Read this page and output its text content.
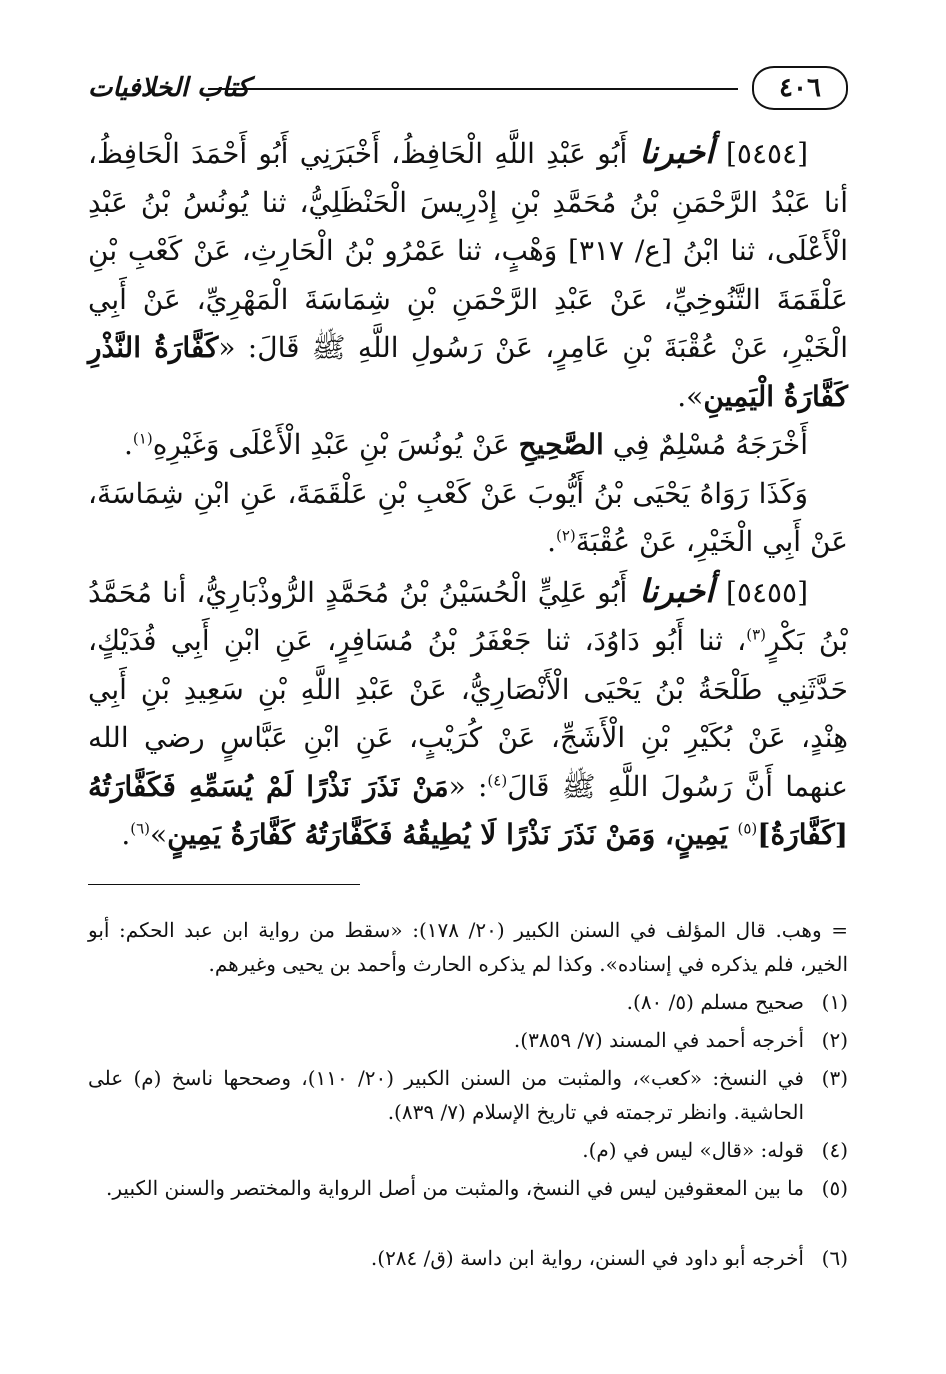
٤٠٦
كتاب الخلافيات

[٥٤٥٤]أخبرناأَبُو عَبْدِ اللَّهِ الْحَافِظُ، أَخْبَرَنِي أَبُو أَحْمَدَ الْحَافِظُ، أنا عَبْدُ الرَّحْمَنِ بْنُ مُحَمَّدِ بْنِ إِدْرِيسَ الْحَنْظَلِيُّ، ثنا يُونُسُ بْنُ عَبْدِ الْأَعْلَى، ثنا ابْنُ [ع/ ٣١٧] وَهْبٍ، ثنا عَمْرُو بْنُ الْحَارِثِ، عَنْ كَعْبِ بْنِ عَلْقَمَةَ التَّنُوخِيِّ، عَنْ عَبْدِ الرَّحْمَنِ بْنِ شِمَاسَةَ الْمَهْرِيِّ، عَنْ أَبِي الْخَيْرِ، عَنْ عُقْبَةَ بْنِ عَامِرٍ، عَنْ رَسُولِ اللَّهِ ﷺ قَالَ: «كَفَّارَةُ النَّذْرِ كَفَّارَةُ الْيَمِينِ».

أَخْرَجَهُ مُسْلِمٌ فِي الصَّحِيحِ عَنْ يُونُسَ بْنِ عَبْدِ الْأَعْلَى وَغَيْرِهِ$^{(١)}$.

وَكَذَا رَوَاهُ يَحْيَى بْنُ أَيُّوبَ عَنْ كَعْبِ بْنِ عَلْقَمَةَ، عَنِ ابْنِ شِمَاسَةَ، عَنْ أَبِي الْخَيْرِ، عَنْ عُقْبَةَ$^{(٢)}$.

[٥٤٥٥]أخبرناأَبُو عَلِيٍّ الْحُسَيْنُ بْنُ مُحَمَّدٍ الرُّوذْبَارِيُّ، أنا مُحَمَّدُ بْنُ بَكْرٍ$^{(٣)}$، ثنا أَبُو دَاوُدَ، ثنا جَعْفَرُ بْنُ مُسَافِرٍ، عَنِ ابْنِ أَبِي فُدَيْكٍ، حَدَّثَنِي طَلْحَةُ بْنُ يَحْيَى الْأَنْصَارِيُّ، عَنْ عَبْدِ اللَّهِ بْنِ سَعِيدِ بْنِ أَبِي هِنْدٍ، عَنْ بُكَيْرِ بْنِ الْأَشَجِّ، عَنْ كُرَيْبٍ، عَنِ ابْنِ عَبَّاسٍ رضي الله عنهما أَنَّ رَسُولَ اللَّهِ ﷺ قَالَ$^{(٤)}$: «مَنْ نَذَرَ نَذْرًا لَمْ يُسَمِّهِ فَكَفَّارَتُهُ [كَفَّارَةُ]$^{(٥)}$ يَمِينٍ، وَمَنْ نَذَرَ نَذْرًا لَا يُطِيقُهُ فَكَفَّارَتُهُ كَفَّارَةُ يَمِينٍ»$^{(٦)}$.

= وهب. قال المؤلف في السنن الكبير (٢٠/ ١٧٨): «سقط من رواية ابن عبد الحكم: أبو الخير، فلم يذكره في إسناده». وكذا لم يذكره الحارث وأحمد بن يحيى وغيرهم.

(١)
صحيح مسلم (٥/ ٨٠).
(٢)
أخرجه أحمد في المسند (٧/ ٣٨٥٩).
(٣)
في النسخ: «كعب»، والمثبت من السنن الكبير (٢٠/ ١١٠)، وصححها ناسخ (م) على الحاشية. وانظر ترجمته في تاريخ الإسلام (٧/ ٨٣٩).
(٤)
قوله: «قال» ليس في (م).
(٥)
ما بين المعقوفين ليس في النسخ، والمثبت من أصل الرواية والمختصر والسنن الكبير.
(٦)
أخرجه أبو داود في السنن، رواية ابن داسة (ق/ ٢٨٤).
